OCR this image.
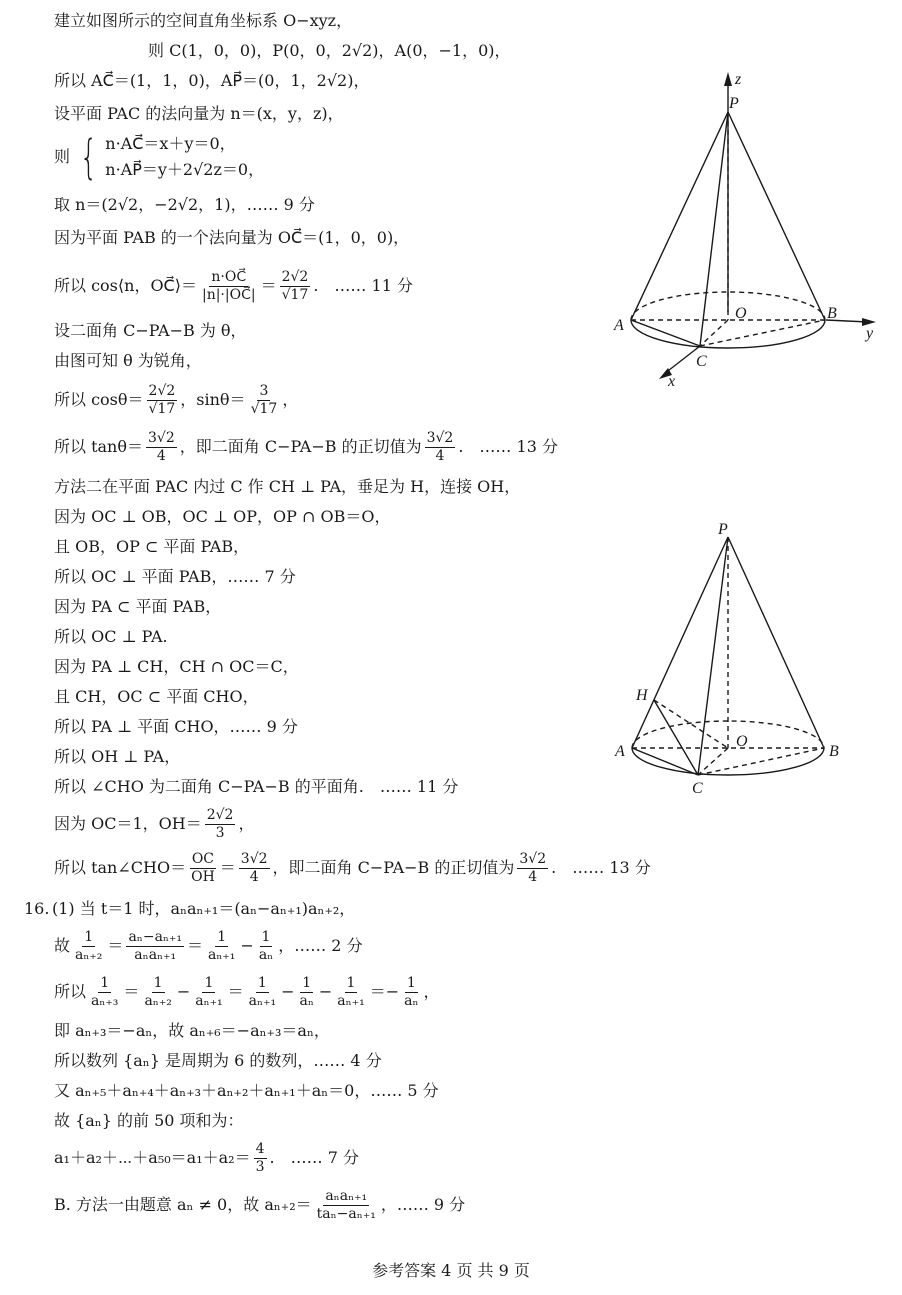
建立如图所示的空间直角坐标系 O−xyz，
则 C(1，0，0)，P(0，0，2√2)，A(0，−1，0)，
所以 AC⃗＝(1，1，0)，AP⃗＝(0，1，2√2)，
设平面 PAC 的法向量为 n＝(x，y，z)，
则 { n·AC⃗＝x＋y＝0，
n·AP⃗＝y＋2√2z＝0，
取 n＝(2√2，−2√2，1)，…… 9 分
因为平面 PAB 的一个法向量为 OC⃗＝(1，0，0)，
所以 cos⟨n，OC⃗⟩＝ $\frac{n\cdot OC⃗}{|n|\cdot|OC⃗|} = \frac{2√2}{√17}$ .　…… 11 分
设二面角 C−PA−B 为 θ，
由图可知 θ 为锐角，
所以 $\cos\theta= \frac{2√2}{√17}$ ，$\sin\theta= \frac{3}{√17}$ ，
所以 $\tan\theta= \frac{3√2}{4}$ ，即二面角 C−PA−B 的正切值为 $\frac{3√2}{4}$ .　…… 13 分
方法二在平面 PAC 内过 C 作 CH ⊥ PA，垂足为 H，连接 OH，
因为 OC ⊥ OB，OC ⊥ OP，OP ∩ OB＝O，
且 OB，OP ⊂ 平面 PAB，
所以 OC ⊥ 平面 PAB，…… 7 分
因为 PA ⊂ 平面 PAB，
所以 OC ⊥ PA.
因为 PA ⊥ CH，CH ∩ OC＝C，
且 CH，OC ⊂ 平面 CHO，
所以 PA ⊥ 平面 CHO，…… 9 分
所以 OH ⊥ PA，
所以 ∠CHO 为二面角 C−PA−B 的平面角.　…… 11 分
因为 OC＝1，$OH= \frac{2√2}{3}$ ，
所以 tan∠CHO＝ $\frac{OC}{OH} = \frac{3√2}{4}$ ，即二面角 C−PA−B 的正切值为 $\frac{3√2}{4}$ .　…… 13 分
16. (1) 当 t＝1 时，aₙaₙ₊₁＝(aₙ−aₙ₊₁)aₙ₊₂，
故 $\frac{1}{\text{aₙ₊₂}} = \frac{\text{aₙ−aₙ₊₁}}{\text{aₙaₙ₊₁}} = \frac{1}{\text{aₙ₊₁}} - \frac{1}{\text{aₙ}}$ ，…… 2 分
所以 $\frac{1}{\text{aₙ₊₃}} = \frac{1}{\text{aₙ₊₂}} - \frac{1}{\text{aₙ₊₁}} = \frac{1}{\text{aₙ₊₁}} - \frac{1}{\text{aₙ}} - \frac{1}{\text{aₙ₊₁}} =- \frac{1}{\text{aₙ}}$ ，
即 aₙ₊₃＝−aₙ，故 aₙ₊₆＝−aₙ₊₃＝aₙ，
所以数列 {aₙ} 是周期为 6 的数列，…… 4 分
又 aₙ₊₅＋aₙ₊₄＋aₙ₊₃＋aₙ₊₂＋aₙ₊₁＋aₙ＝0，…… 5 分
故 {aₙ} 的前 50 项和为：
a₁＋a₂＋⋯＋a₅₀＝a₁＋a₂＝ $\frac{4}{3}$ .　…… 7 分
B. 方法一由题意 aₙ ≠ 0，故 $a_{n+2}= \frac{\text{aₙaₙ₊₁}}{\text{taₙ−aₙ₊₁}}$ ，…… 9 分
z
P
A
O	B
y
C
x
P
H
A
O
B
C
参考答案 4 页 共 9 页
